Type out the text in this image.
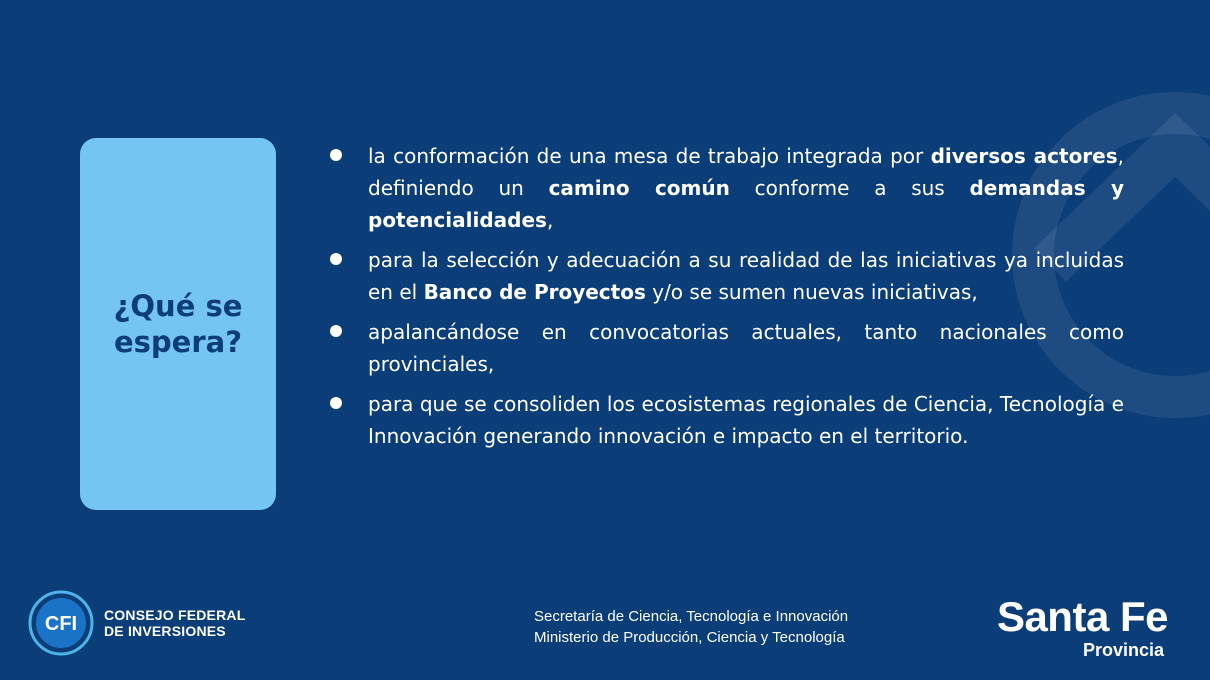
¿Qué se espera?
la conformación de una mesa de trabajo integrada por diversos actores, definiendo un camino común conforme a sus demandas y potencialidades,
para la selección y adecuación a su realidad de las iniciativas ya incluidas en el Banco de Proyectos y/o se sumen nuevas iniciativas,
apalancándose en convocatorias actuales, tanto nacionales como provinciales,
para que se consoliden los ecosistemas regionales de Ciencia, Tecnología e Innovación generando innovación e impacto en el territorio.
CFI CONSEJO FEDERAL
DE INVERSIONES
Secretaría de Ciencia, Tecnología e Innovación
Ministerio de Producción, Ciencia y Tecnología	Santa Fe
Provincia
